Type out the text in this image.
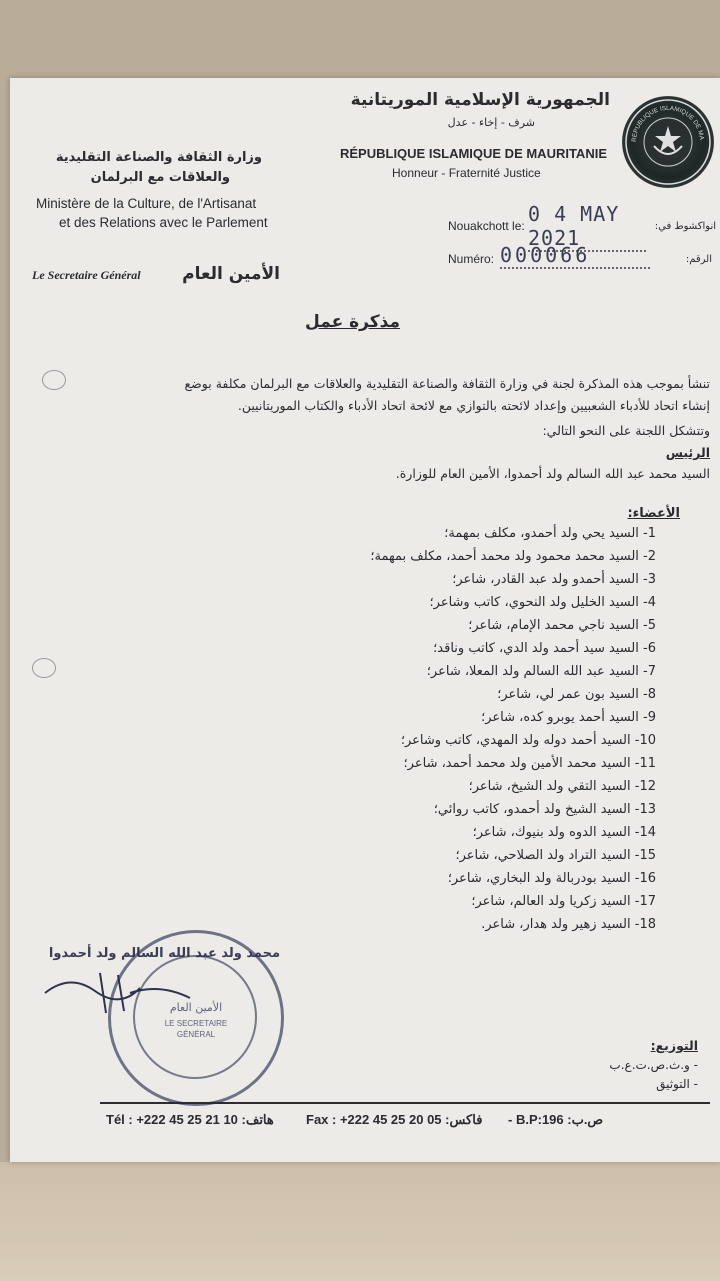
REPUBLIQUE ISLAMIQUE DE MA
الجمهورية الإسلامية الموريتانية
شرف - إخاء - عدل
RÉPUBLIQUE ISLAMIQUE DE MAURITANIE
Honneur - Fraternité Justice
وزارة الثقافة والصناعة التقليدية
والعلاقات مع البرلمان
Ministère de la Culture, de l'Artisanat
et des Relations avec le Parlement	Nouakchott le: 0 4 MAY 2021	انواكشوط في:
Numéro: 000066	الرقم:
Le Secretaire Général الأمين العام
مذكرة عمل
تنشأ بموجب هذه المذكرة لجنة في وزارة الثقافة والصناعة التقليدية والعلاقات مع البرلمان مكلفة بوضع
إنشاء اتحاد للأدباء الشعبيين وإعداد لائحته بالتوازي مع لائحة اتحاد الأدباء والكتاب الموريتانيين.
وتتشكل اللجنة على النحو التالي:
الرئيس
السيد محمد عبد الله السالم ولد أحمدوا، الأمين العام للوزارة.
الأعضاء:
1- السيد يحي ولد أحمدو، مكلف بمهمة؛
2- السيد محمد محمود ولد محمد أحمد، مكلف بمهمة؛
3- السيد أحمدو ولد عبد القادر، شاعر؛
4- السيد الخليل ولد النحوي، كاتب وشاعر؛
5- السيد ناجي محمد الإمام، شاعر؛
6- السيد سيد أحمد ولد الدي، كاتب وناقد؛
7- السيد عبد الله السالم ولد المعلا، شاعر؛
8- السيد بون عمر لي، شاعر؛
9- السيد أحمد يوبرو كده، شاعر؛
10- السيد أحمد دوله ولد المهدي، كاتب وشاعر؛
11- السيد محمد الأمين ولد محمد أحمد، شاعر؛
12- السيد التقي ولد الشيخ، شاعر؛
13- السيد الشيخ ولد أحمدو، كاتب روائي؛
14- السيد الدوه ولد بنيوك، شاعر؛
15- السيد التراد ولد الصلاحي، شاعر؛
16- السيد بودربالة ولد البخاري، شاعر؛
17- السيد زكريا ولد العالم، شاعر؛
18- السيد زهير ولد هدار، شاعر.
محمد ولد عبد الله السالم ولد أحمدوا
الأمين العام
LE SECRETAIRE
GÉNÉRAL
التوزيع:
- و.ث.ص.ت.ع.ب
- التوثيق
Tél : +222 45 25 21 10 :هاتف Fax : +222 45 25 20 05 :فاكس - B.P:196 :ص.ب
